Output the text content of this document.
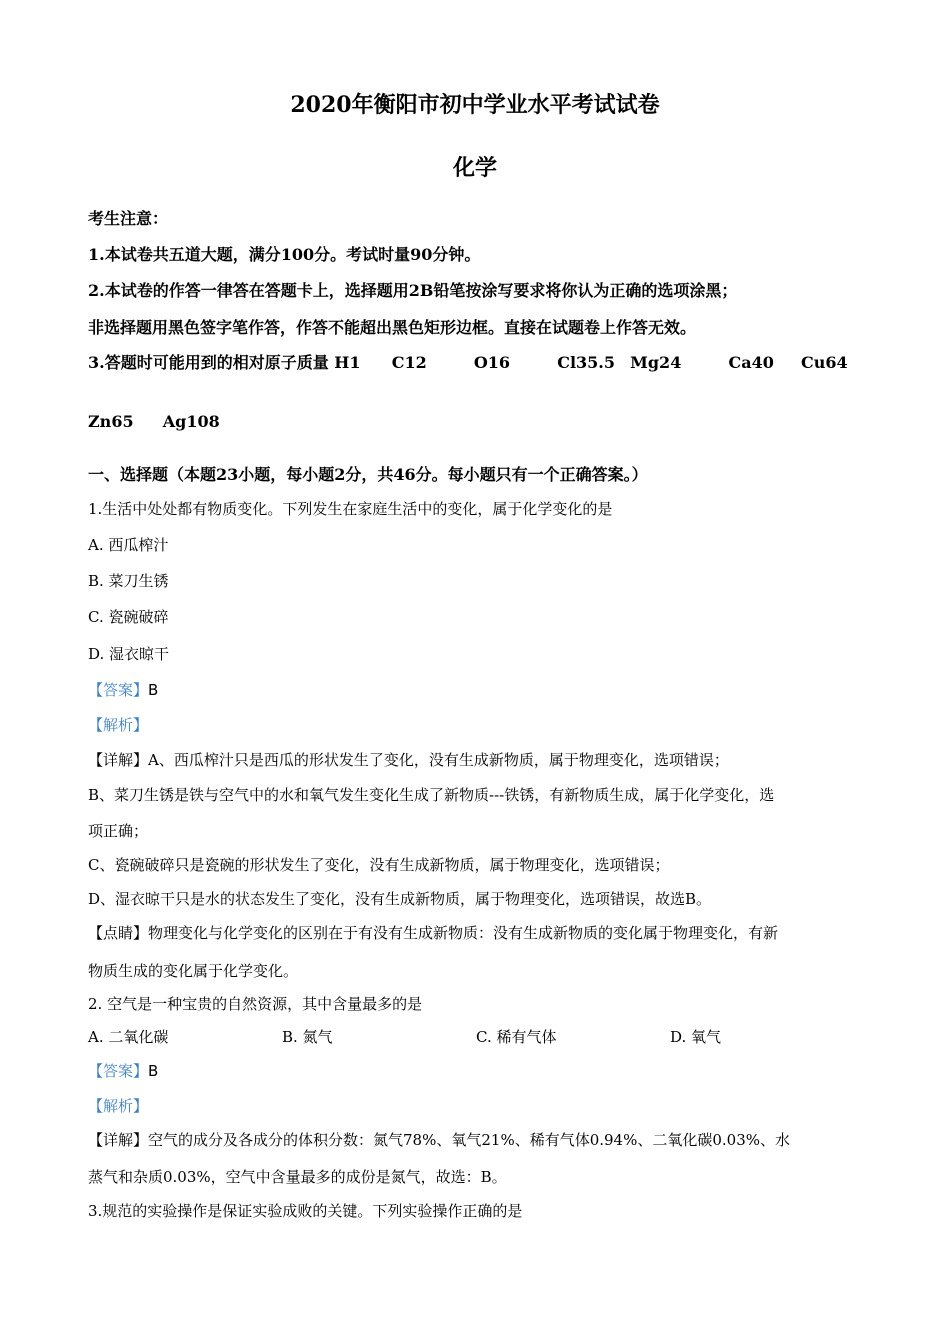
2020年衡阳市初中学业水平考试试卷
化学
考生注意：
1.本试卷共五道大题，满分100分。考试时量90分钟。
2.本试卷的作答一律答在答题卡上，选择题用2B铅笔按涂写要求将你认为正确的选项涂黑；
非选择题用黑色签字笔作答，作答不能超出黑色矩形边框。直接在试题卷上作答无效。
3.答题时可能用到的相对原子质量 H1 C12	O16	Cl35.5 Mg24	Ca40 Cu64
Zn65 Ag108
一、选择题（本题23小题，每小题2分，共46分。每小题只有一个正确答案。）
1.生活中处处都有物质变化。下列发生在家庭生活中的变化，属于化学变化的是
A. 西瓜榨汁
B. 菜刀生锈
C. 瓷碗破碎
D. 湿衣晾干
【答案】B
【解析】
【详解】A、西瓜榨汁只是西瓜的形状发生了变化，没有生成新物质，属于物理变化，选项错误；
B、菜刀生锈是铁与空气中的水和氧气发生变化生成了新物质---铁锈，有新物质生成，属于化学变化，选
项正确；
C、瓷碗破碎只是瓷碗的形状发生了变化，没有生成新物质，属于物理变化，选项错误；
D、湿衣晾干只是水的状态发生了变化，没有生成新物质，属于物理变化，选项错误，故选B。
【点睛】物理变化与化学变化的区别在于有没有生成新物质：没有生成新物质的变化属于物理变化，有新
物质生成的变化属于化学变化。
2. 空气是一种宝贵的自然资源，其中含量最多的是
A. 二氧化碳	B. 氮气	C. 稀有气体	D. 氧气
【答案】B
【解析】
【详解】空气的成分及各成分的体积分数：氮气78%、氧气21%、稀有气体0.94%、二氧化碳0.03%、水
蒸气和杂质0.03%，空气中含量最多的成份是氮气，故选：B。
3.规范的实验操作是保证实验成败的关键。下列实验操作正确的是
